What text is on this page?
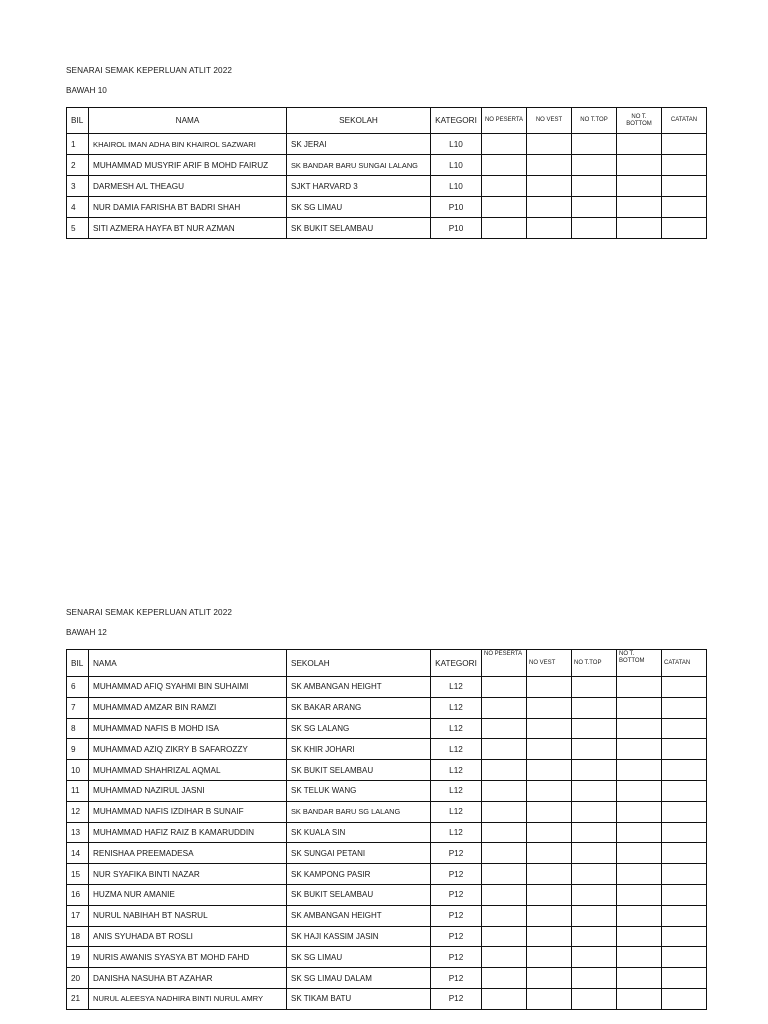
SENARAI SEMAK KEPERLUAN ATLIT 2022
BAWAH 10
BIL	NAMA	SEKOLAH	KATEGORI	NO PESERTA	NO VEST	NO T.TOP	NO T. BOTTOM	CATATAN
1	KHAIROL IMAN ADHA BIN KHAIROL SAZWARI	SK JERAI	L10					
2	MUHAMMAD MUSYRIF ARIF B MOHD FAIRUZ	SK BANDAR BARU SUNGAI LALANG	L10					
3	DARMESH A/L THEAGU	SJKT HARVARD 3	L10					
4	NUR DAMIA FARISHA BT BADRI SHAH	SK SG LIMAU	P10					
5	SITI AZMERA HAYFA BT NUR AZMAN	SK BUKIT SELAMBAU	P10					
SENARAI SEMAK KEPERLUAN ATLIT 2022
BAWAH 12
BIL	NAMA	SEKOLAH	KATEGORI	NO PESERTA	NO VEST	NO T.TOP	NO T. BOTTOM	CATATAN
6	MUHAMMAD AFIQ SYAHMI BIN SUHAIMI	SK AMBANGAN HEIGHT	L12					
7	MUHAMMAD AMZAR BIN RAMZI	SK BAKAR ARANG	L12					
8	MUHAMMAD NAFIS B MOHD ISA	SK SG LALANG	L12					
9	MUHAMMAD AZIQ ZIKRY B SAFAROZZY	SK KHIR JOHARI	L12					
10	MUHAMMAD SHAHRIZAL AQMAL	SK BUKIT SELAMBAU	L12					
11	MUHAMMAD NAZIRUL JASNI	SK TELUK WANG	L12					
12	MUHAMMAD NAFIS IZDIHAR B SUNAIF	SK BANDAR BARU SG LALANG	L12					
13	MUHAMMAD HAFIZ RAIZ B KAMARUDDIN	SK KUALA SIN	L12					
14	RENISHAA PREEMADESA	SK SUNGAI PETANI	P12					
15	NUR SYAFIKA BINTI NAZAR	SK KAMPONG PASIR	P12					
16	HUZMA NUR AMANIE	SK BUKIT SELAMBAU	P12					
17	NURUL NABIHAH BT NASRUL	SK AMBANGAN HEIGHT	P12					
18	ANIS SYUHADA BT ROSLI	SK HAJI KASSIM JASIN	P12					
19	NURIS AWANIS SYASYA BT MOHD FAHD	SK SG LIMAU	P12					
20	DANISHA NASUHA BT AZAHAR	SK SG LIMAU DALAM	P12					
21	NURUL ALEESYA NADHIRA BINTI NURUL AMRY	SK TIKAM BATU	P12					
